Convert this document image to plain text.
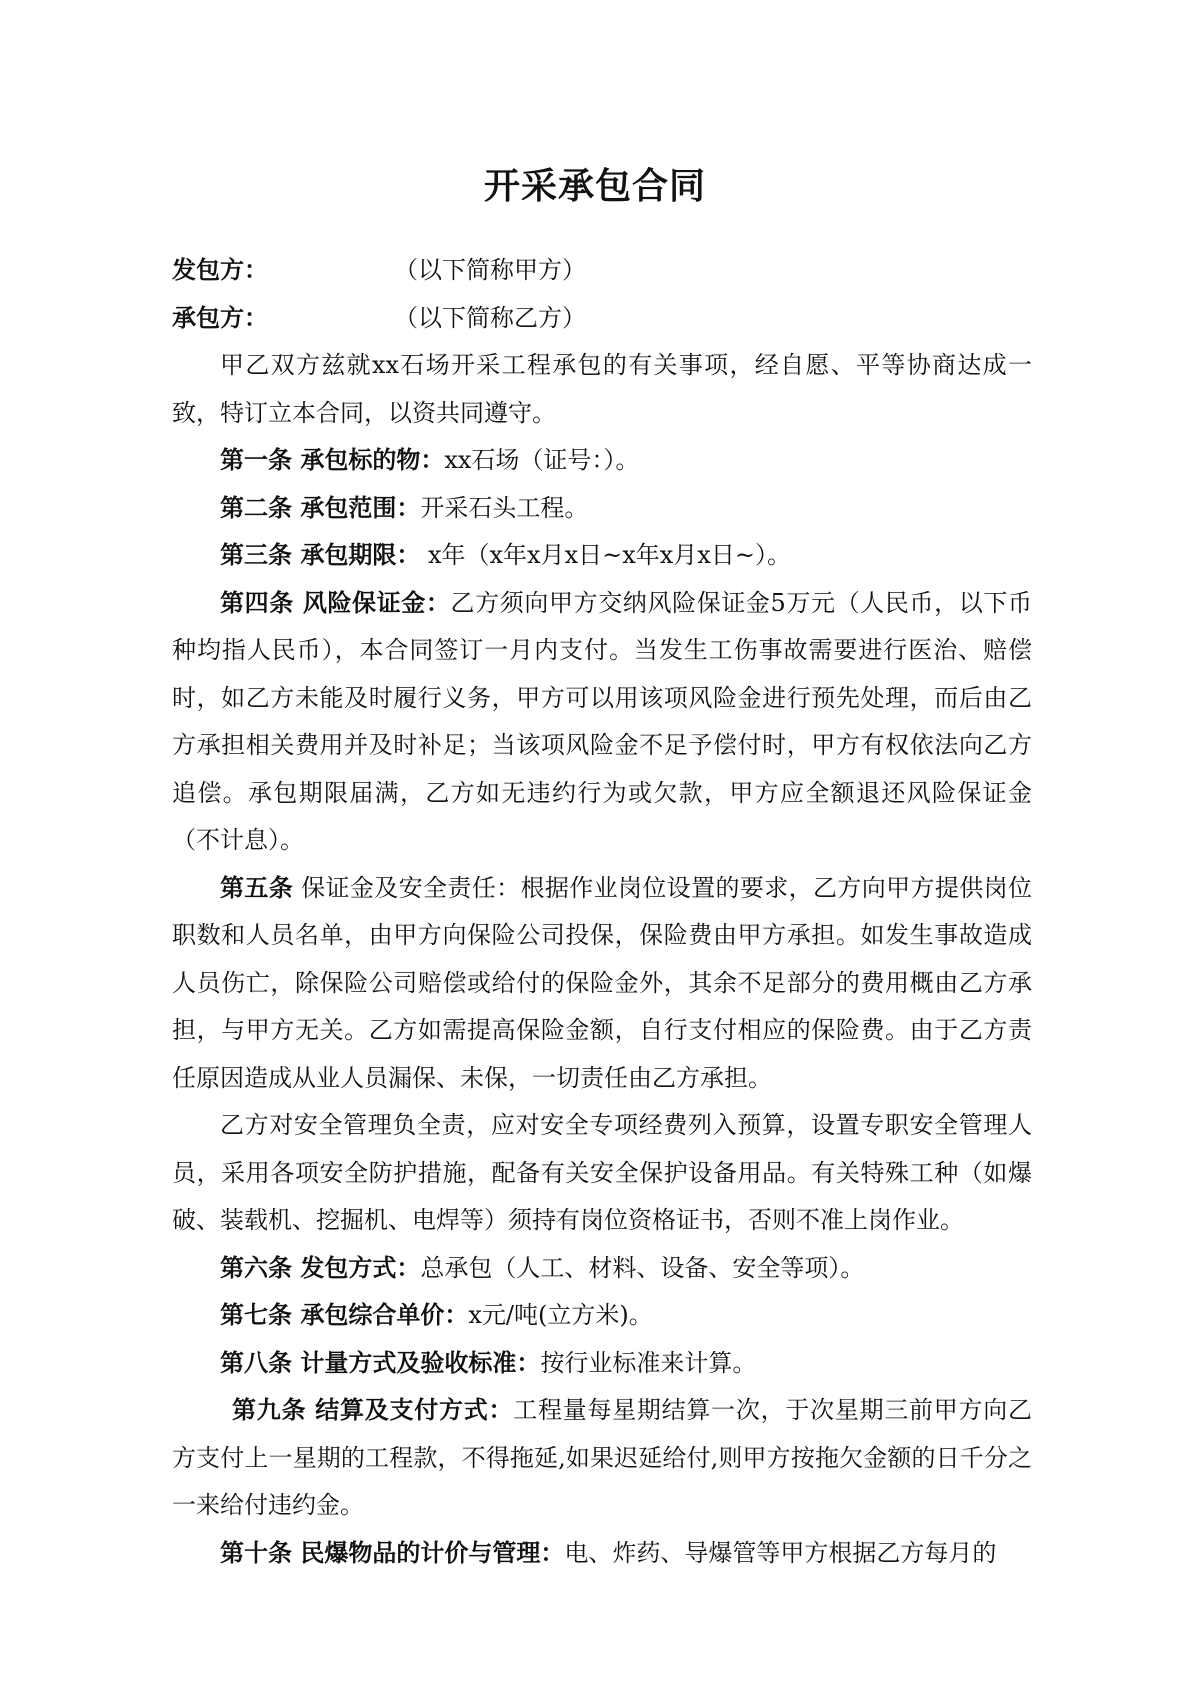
开采承包合同
发包方：	（以下简称甲方）
承包方：	（以下简称乙方）

甲乙双方兹就xx石场开采工程承包的有关事项，经自愿、平等协商达成一致，特订立本合同，以资共同遵守。

第一条 承包标的物：xx石场（证号：）。

第二条 承包范围：开采石头工程。

第三条 承包期限： x年（x年x月x日~x年x月x日~）。

第四条 风险保证金：乙方须向甲方交纳风险保证金5万元（人民币，以下币种均指人民币），本合同签订一月内支付。当发生工伤事故需要进行医治、赔偿时，如乙方未能及时履行义务，甲方可以用该项风险金进行预先处理，而后由乙方承担相关费用并及时补足；当该项风险金不足予偿付时，甲方有权依法向乙方追偿。承包期限届满，乙方如无违约行为或欠款，甲方应全额退还风险保证金（不计息）。

第五条 保证金及安全责任：根据作业岗位设置的要求，乙方向甲方提供岗位职数和人员名单，由甲方向保险公司投保，保险费由甲方承担。如发生事故造成人员伤亡，除保险公司赔偿或给付的保险金外，其余不足部分的费用概由乙方承担，与甲方无关。乙方如需提高保险金额，自行支付相应的保险费。由于乙方责任原因造成从业人员漏保、未保，一切责任由乙方承担。

乙方对安全管理负全责，应对安全专项经费列入预算，设置专职安全管理人员，采用各项安全防护措施，配备有关安全保护设备用品。有关特殊工种（如爆破、装载机、挖掘机、电焊等）须持有岗位资格证书，否则不准上岗作业。

第六条 发包方式：总承包（人工、材料、设备、安全等项）。

第七条 承包综合单价：x元/吨(立方米)。

第八条 计量方式及验收标准：按行业标准来计算。

第九条 结算及支付方式：工程量每星期结算一次，于次星期三前甲方向乙方支付上一星期的工程款，不得拖延,如果迟延给付,则甲方按拖欠金额的日千分之一来给付违约金。

第十条 民爆物品的计价与管理：电、炸药、导爆管等甲方根据乙方每月的
